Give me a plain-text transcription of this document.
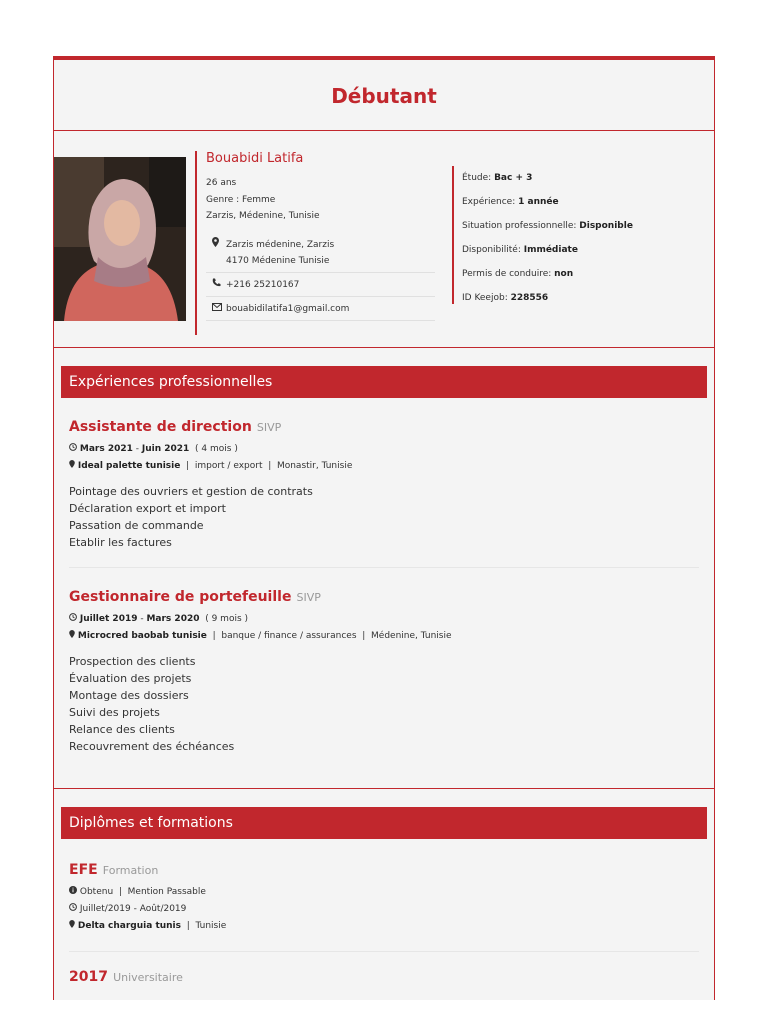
Débutant
Bouabidi Latifa
26 ans
Genre : Femme
Zarzis, Médenine, Tunisie
Zarzis médenine, Zarzis
4170 Médenine Tunisie
+216 25210167
bouabidilatifa1@gmail.com
Étude: Bac + 3
Expérience: 1 année
Situation professionnelle: Disponible
Disponibilité: Immédiate
Permis de conduire: non
ID Keejob: 228556
Expériences professionnelles
Assistante de direction SIVP
Mars 2021 - Juin 2021 ( 4 mois )
Ideal palette tunisie  |  import / export  |  Monastir, Tunisie
Pointage des ouvriers et gestion de contrats
Déclaration export et import
Passation de commande
Etablir les factures
Gestionnaire de portefeuille SIVP
Juillet 2019 - Mars 2020 ( 9 mois )
Microcred baobab tunisie  |  banque / finance / assurances  |  Médenine, Tunisie
Prospection des clients
Évaluation des projets
Montage des dossiers
Suivi des projets
Relance des clients
Recouvrement des échéances
Diplômes et formations
EFE Formation
Obtenu  |  Mention Passable
Juillet/2019 - Août/2019
Delta charguia tunis  |  Tunisie
2017 Universitaire
